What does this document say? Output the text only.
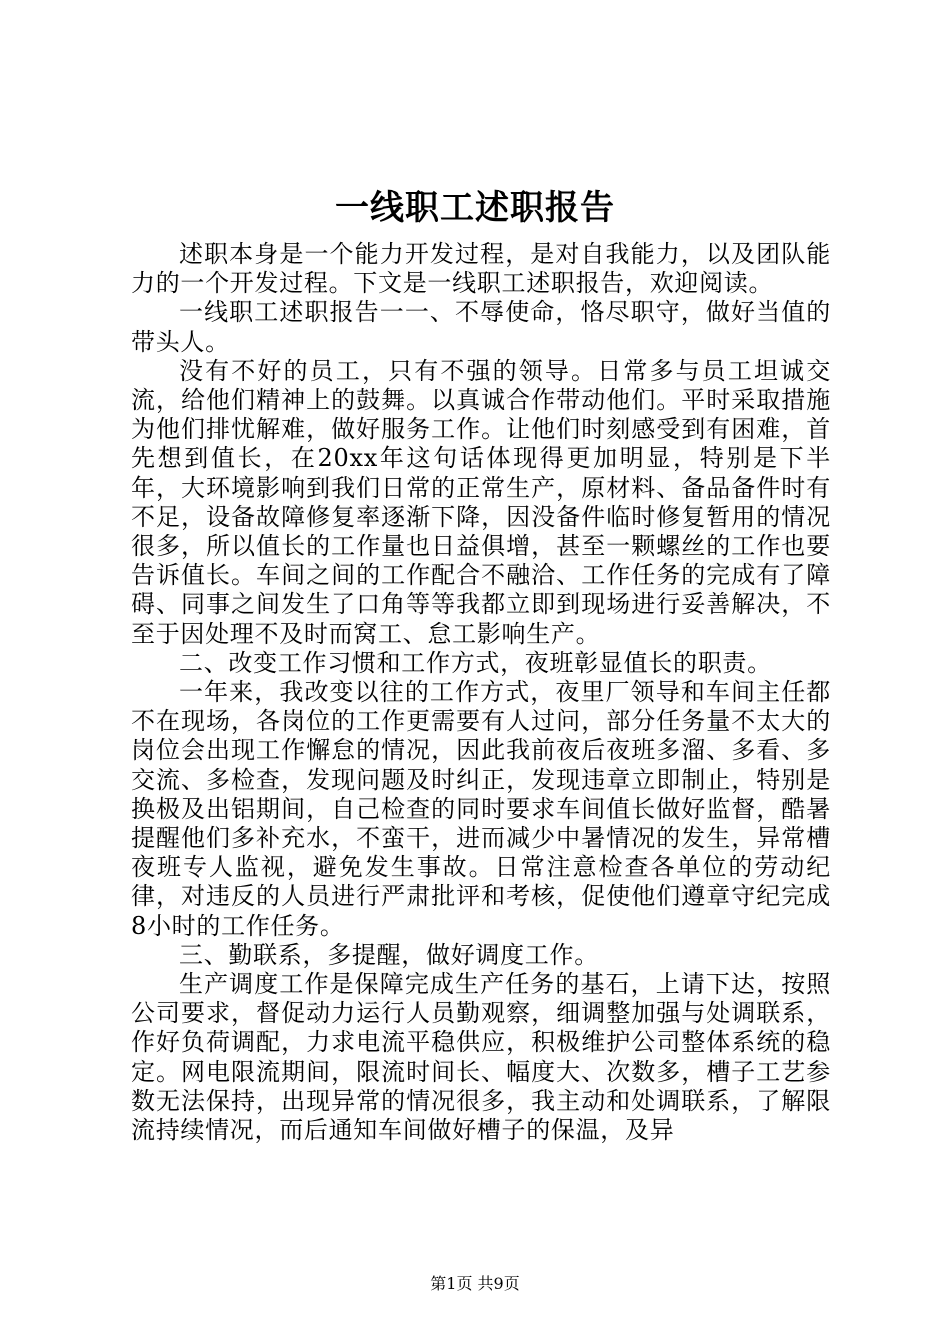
一线职工述职报告

述职本身是一个能力开发过程，是对自我能力，以及团队能力的一个开发过程。下文是一线职工述职报告，欢迎阅读。

一线职工述职报告一一、不辱使命，恪尽职守，做好当值的带头人。

没有不好的员工，只有不强的领导。日常多与员工坦诚交流，给他们精神上的鼓舞。以真诚合作带动他们。平时采取措施为他们排忧解难，做好服务工作。让他们时刻感受到有困难，首先想到值长，在20xx年这句话体现得更加明显，特别是下半年，大环境影响到我们日常的正常生产，原材料、备品备件时有不足，设备故障修复率逐渐下降，因没备件临时修复暂用的情况很多，所以值长的工作量也日益俱增，甚至一颗螺丝的工作也要告诉值长。车间之间的工作配合不融洽、工作任务的完成有了障碍、同事之间发生了口角等等我都立即到现场进行妥善解决，不至于因处理不及时而窝工、怠工影响生产。

二、改变工作习惯和工作方式，夜班彰显值长的职责。

一年来，我改变以往的工作方式，夜里厂领导和车间主任都不在现场，各岗位的工作更需要有人过问，部分任务量不太大的岗位会出现工作懈怠的情况，因此我前夜后夜班多溜、多看、多交流、多检查，发现问题及时纠正，发现违章立即制止，特别是换极及出铝期间，自己检查的同时要求车间值长做好监督，酷暑提醒他们多补充水，不蛮干，进而减少中暑情况的发生，异常槽夜班专人监视，避免发生事故。日常注意检查各单位的劳动纪律，对违反的人员进行严肃批评和考核，促使他们遵章守纪完成8小时的工作任务。

三、勤联系，多提醒，做好调度工作。

生产调度工作是保障完成生产任务的基石，上请下达，按照公司要求，督促动力运行人员勤观察，细调整加强与处调联系，作好负荷调配，力求电流平稳供应，积极维护公司整体系统的稳定。网电限流期间，限流时间长、幅度大、次数多，槽子工艺参数无法保持，出现异常的情况很多，我主动和处调联系，了解限流持续情况，而后通知车间做好槽子的保温，及异

第1页 共9页
